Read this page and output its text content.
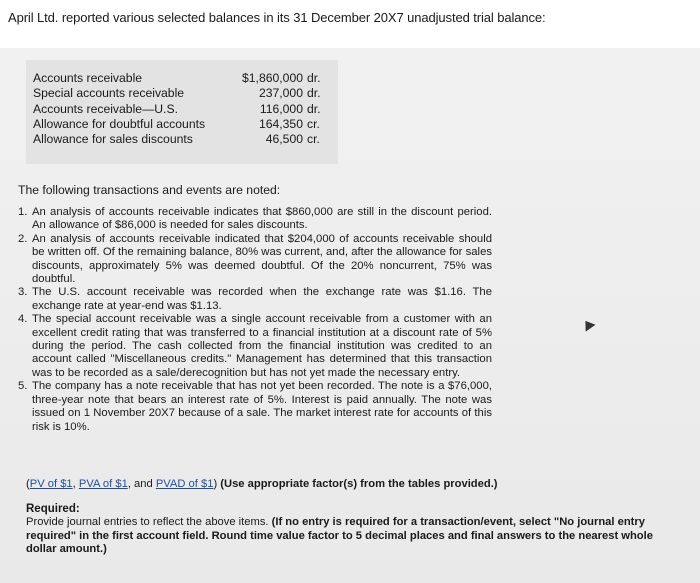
April Ltd. reported various selected balances in its 31 December 20X7 unadjusted trial balance:
Accounts receivable	$1,860,000 dr.
Special accounts receivable	237,000 dr.
Accounts receivable—U.S.	116,000 dr.
Allowance for doubtful accounts	164,350 cr.
Allowance for sales discounts	46,500 cr.
The following transactions and events are noted:
1. An analysis of accounts receivable indicates that $860,000 are still in the discount period. An allowance of $86,000 is needed for sales discounts.
2. An analysis of accounts receivable indicated that $204,000 of accounts receivable should be written off. Of the remaining balance, 80% was current, and, after the allowance for sales discounts, approximately 5% was deemed doubtful. Of the 20% noncurrent, 75% was doubtful.
3. The U.S. account receivable was recorded when the exchange rate was $1.16. The exchange rate at year-end was $1.13.
4. The special account receivable was a single account receivable from a customer with an excellent credit rating that was transferred to a financial institution at a discount rate of 5% during the period. The cash collected from the financial institution was credited to an account called "Miscellaneous credits." Management has determined that this transaction was to be recorded as a sale/derecognition but has not yet made the necessary entry.
5. The company has a note receivable that has not yet been recorded. The note is a $76,000, three-year note that bears an interest rate of 5%. Interest is paid annually. The note was issued on 1 November 20X7 because of a sale. The market interest rate for accounts of this risk is 10%.
(PV of $1, PVA of $1, and PVAD of $1) (Use appropriate factor(s) from the tables provided.)
Required:
Provide journal entries to reflect the above items. (If no entry is required for a transaction/event, select "No journal entry required" in the first account field. Round time value factor to 5 decimal places and final answers to the nearest whole dollar amount.)
